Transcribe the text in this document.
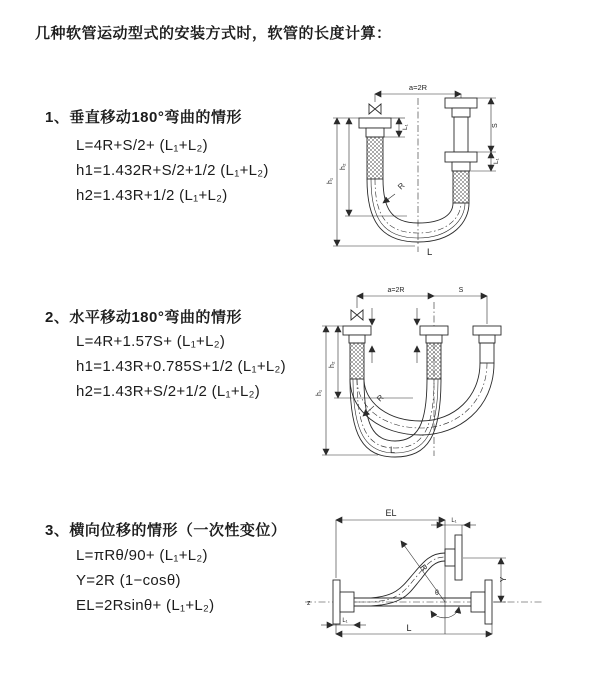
几种软管运动型式的安装方式时，软管的长度计算：
1、垂直移动180°弯曲的情形
L=4R+S/2+ (L₁+L₂)
h1=1.432R+S/2+1/2 (L₁+L₂)
h2=1.43R+1/2 (L₁+L₂)
2、水平移动180°弯曲的情形
L=4R+1.57S+ (L₁+L₂)
h1=1.43R+0.785S+1/2 (L₁+L₂)
h2=1.43R+S/2+1/2 (L₁+L₂)
3、横向位移的情形（一次性变位）
L=πRθ/90+ (L₁+L₂)
Y=2R (1−cosθ)
EL=2Rsinθ+ (L₁+L₂)
a=2R
R
L
h₁
h₂
L₁	S
L₁
a=2R	S
h₁
h₂
R
L
z
EL
L₁
Y
R
θ
L
L₁
